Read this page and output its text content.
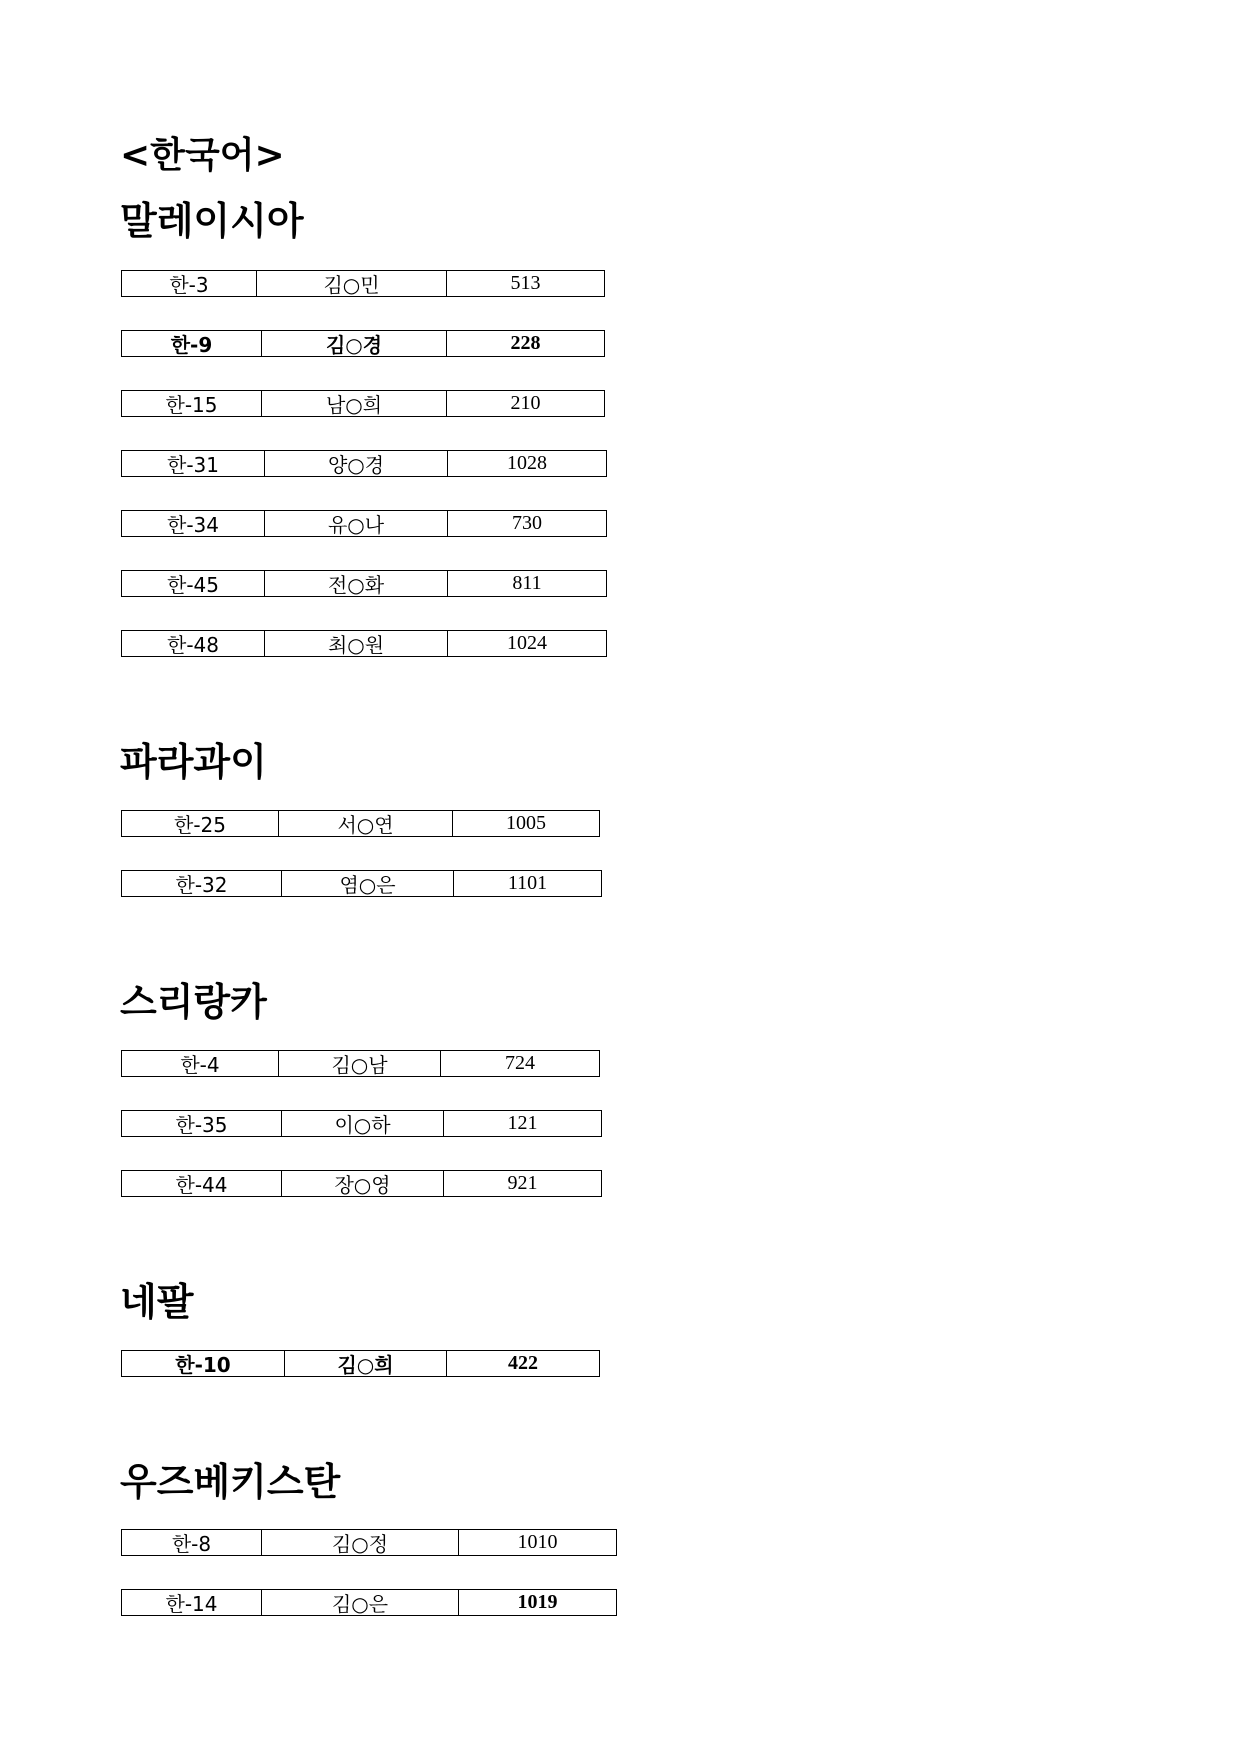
<한국어>
말레이시아
한-3	김○민	513
한-9	김○경	228
한-15	남○희	210
한-31	양○경	1028
한-34	유○나	730
한-45	전○화	811
한-48	최○원	1024
파라과이
한-25	서○연	1005
한-32	염○은	1101
스리랑카
한-4	김○남	724
한-35	이○하	121
한-44	장○영	921
네팔
한-10	김○희	422
우즈베키스탄
한-8	김○정	1010
한-14	김○은	1019
